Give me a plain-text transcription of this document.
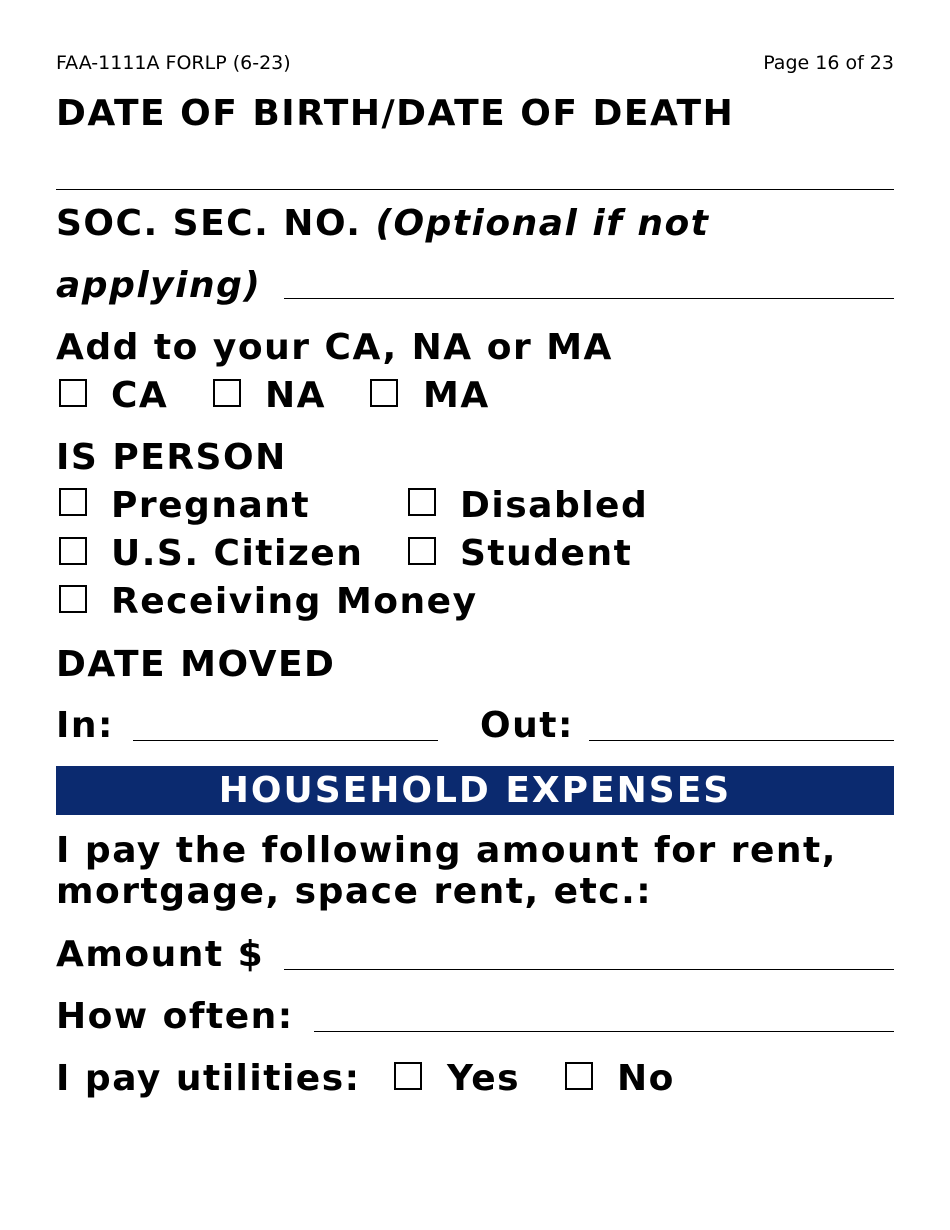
FAA-1111A FORLP (6-23)	Page 16 of 23
DATE OF BIRTH/DATE OF DEATH
SOC. SEC. NO. (Optional if not
applying)
Add to your CA, NA or MA
CA	NA	MA
IS PERSON
Pregnant	Disabled
U.S. Citizen	Student
Receiving Money
DATE MOVED
In:	Out:
HOUSEHOLD EXPENSES
I pay the following amount for rent,
mortgage, space rent, etc.:
Amount $
How often:
I pay utilities: Yes	No
